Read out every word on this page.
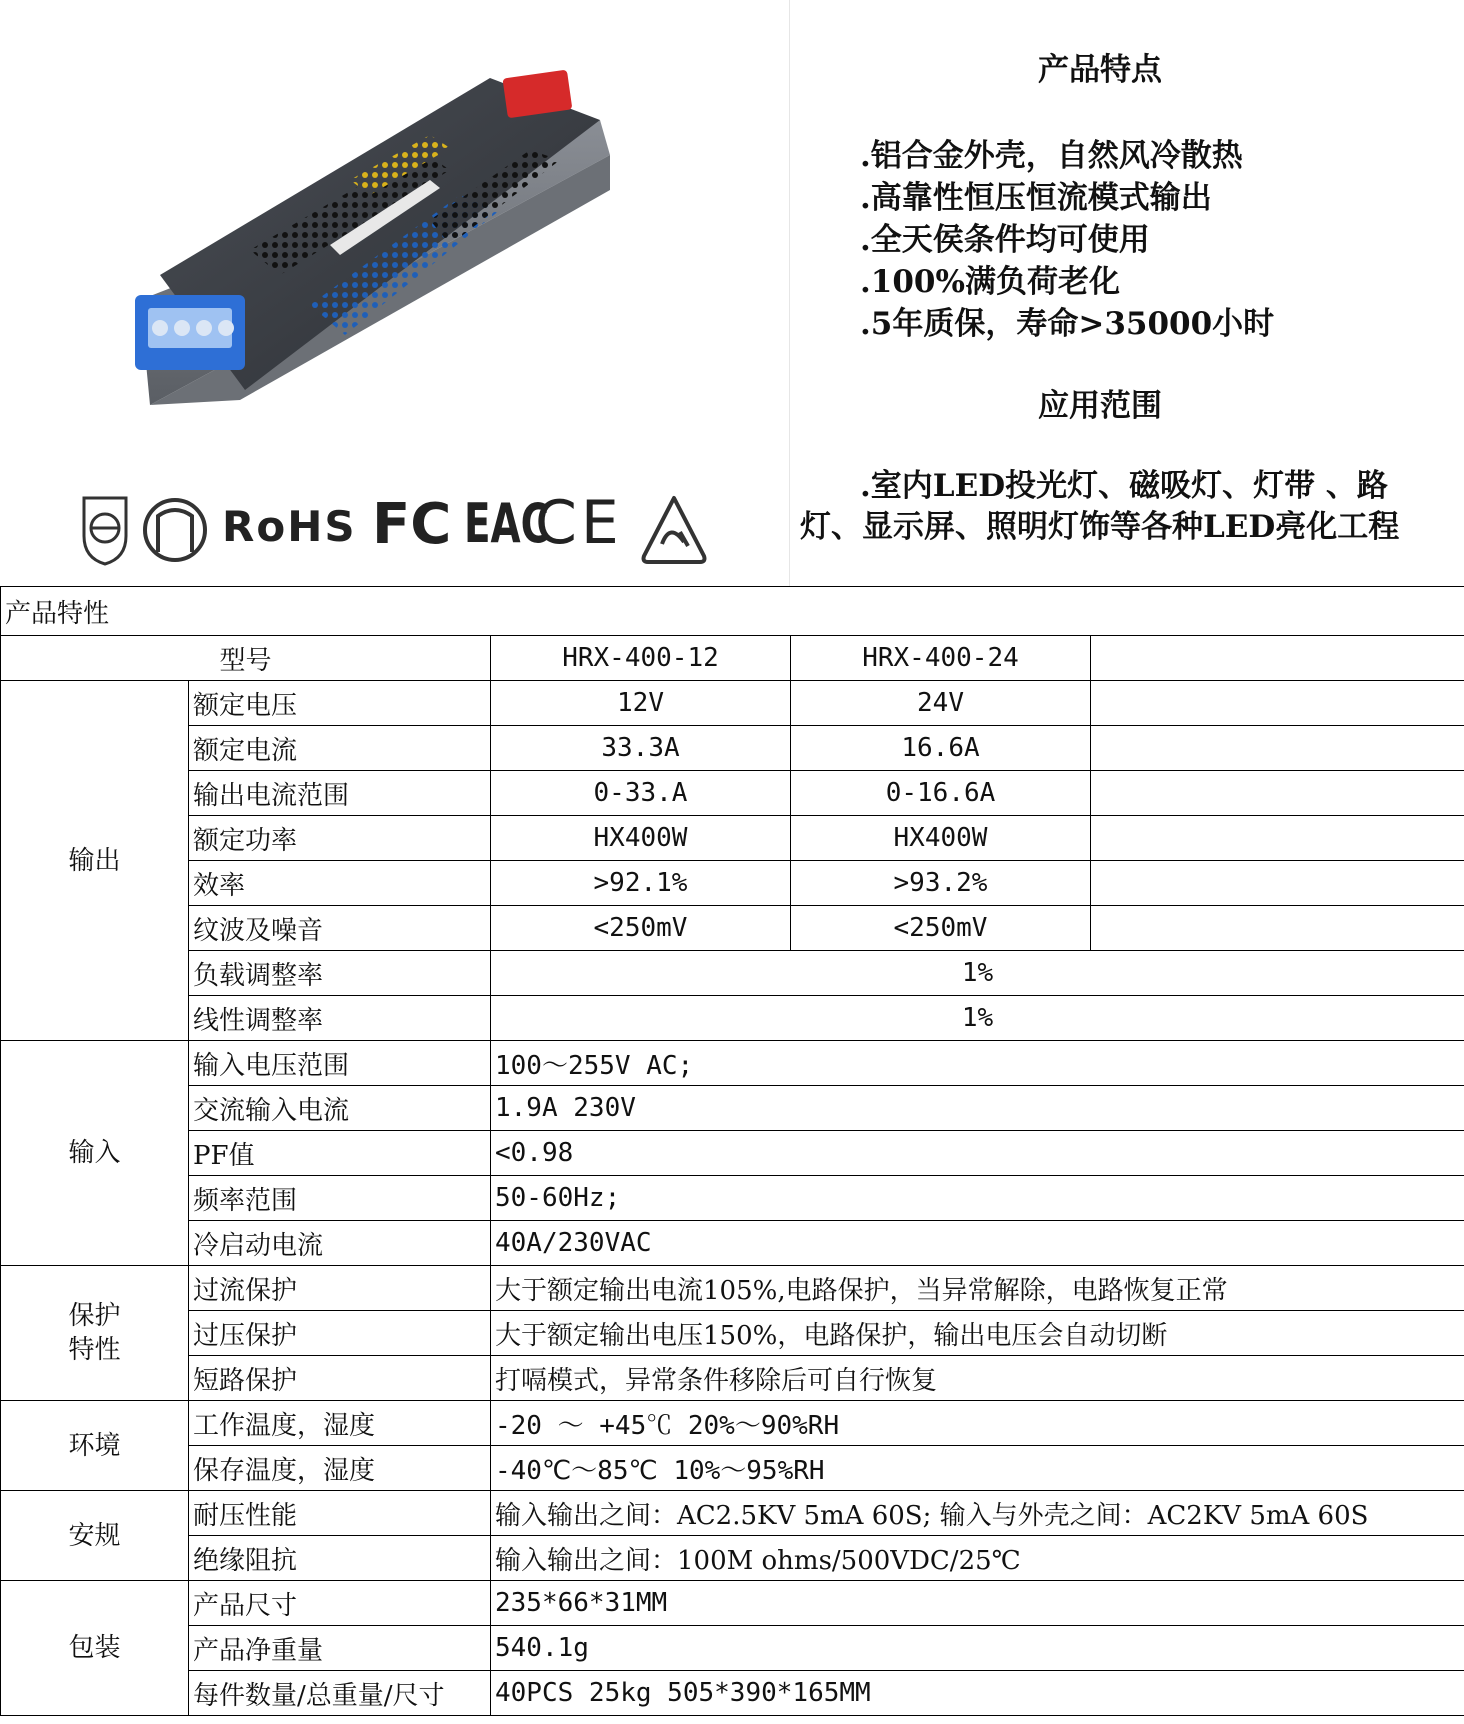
RoHS FC EAC
CE
产品特点
.铝合金外壳，自然风冷散热
.高靠性恒压恒流模式输出
.全天侯条件均可使用
.100%满负荷老化
.5年质保，寿命>35000小时
应用范围
.室内LED投光灯、磁吸灯、灯带 、路灯、显示屏、照明灯饰等各种LED亮化工程
产品特性				
型号		HRX-400-12	HRX-400-24	
输出	额定电压	12V	24V	
	额定电流	33.3A	16.6A	
	输出电流范围	0-33.A	0-16.6A	
	额定功率	HX400W	HX400W	
	效率	>92.1%	>93.2%	
	纹波及噪音	<250mV	<250mV	
	负载调整率	1%		
	线性调整率	1%		
输入	输入电压范围	100～255V AC;		
	交流输入电流	1.9A 230V		
	PF值	<0.98		
	频率范围	50-60Hz;		
	冷启动电流	40A/230VAC		
保护
特性	过流保护	大于额定输出电流105%,电路保护，当异常解除，电路恢复正常		
	过压保护	大于额定输出电压150%，电路保护，输出电压会自动切断		
	短路保护	打嗝模式，异常条件移除后可自行恢复		
环境	工作温度，湿度	-20 ～ +45℃ 20%～90%RH		
	保存温度，湿度	-40℃～85℃ 10%～95%RH		
安规	耐压性能	输入输出之间：AC2.5KV 5mA 60S; 输入与外壳之间：AC2KV 5mA 60S		
	绝缘阻抗	输入输出之间：100M ohms/500VDC/25℃		
包装	产品尺寸	235*66*31MM		
	产品净重量	540.1g		
	每件数量/总重量/尺寸	40PCS 25kg 505*390*165MM		
